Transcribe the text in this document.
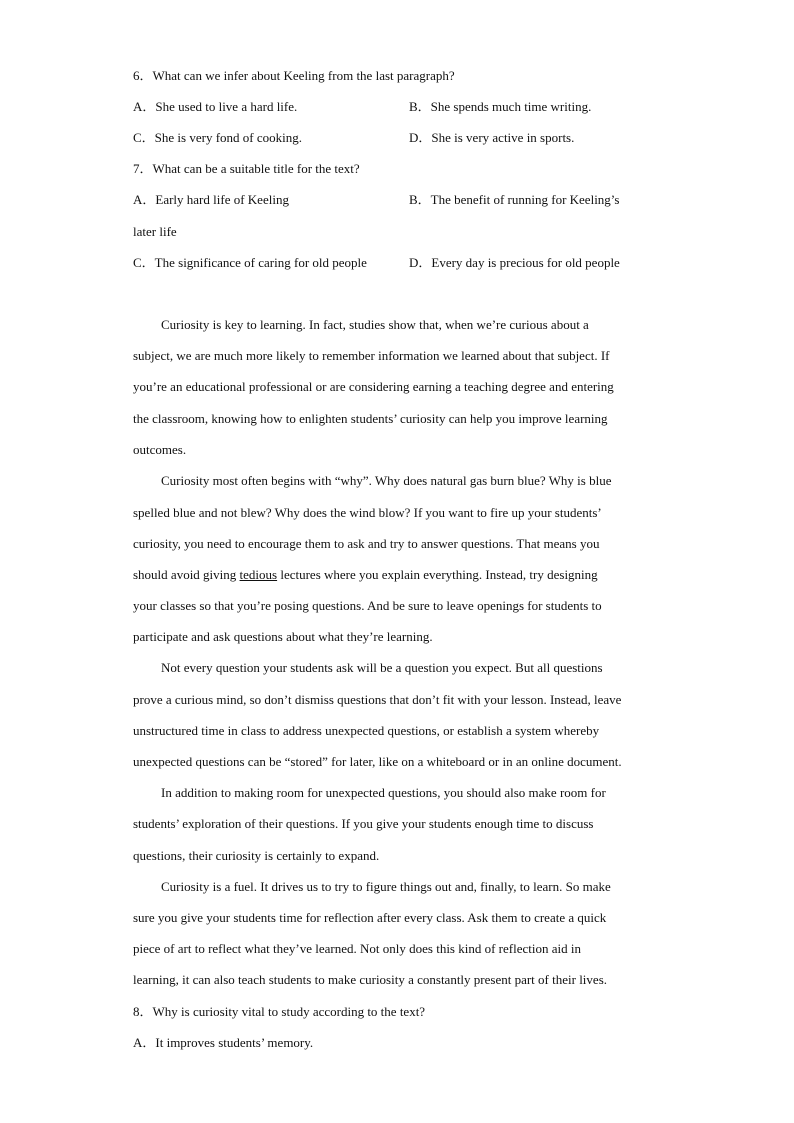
6．What can we infer about Keeling from the last paragraph?
A．She used to live a hard life.	B．She spends much time writing.
C．She is very fond of cooking.	D．She is very active in sports.
7．What can be a suitable title for the text?
A．Early hard life of Keeling	B．The benefit of running for Keeling’s
later life
C．The significance of caring for old people	D．Every day is precious for old people
Curiosity is key to learning. In fact, studies show that, when we’re curious about a
subject, we are much more likely to remember information we learned about that subject. If
you’re an educational professional or are considering earning a teaching degree and entering
the classroom, knowing how to enlighten students’ curiosity can help you improve learning
outcomes.
Curiosity most often begins with “why”. Why does natural gas burn blue? Why is blue
spelled blue and not blew? Why does the wind blow? If you want to fire up your students’
curiosity, you need to encourage them to ask and try to answer questions. That means you
should avoid giving tedious lectures where you explain everything. Instead, try designing
your classes so that you’re posing questions. And be sure to leave openings for students to
participate and ask questions about what they’re learning.
Not every question your students ask will be a question you expect. But all questions
prove a curious mind, so don’t dismiss questions that don’t fit with your lesson. Instead, leave
unstructured time in class to address unexpected questions, or establish a system whereby
unexpected questions can be “stored” for later, like on a whiteboard or in an online document.
In addition to making room for unexpected questions, you should also make room for
students’ exploration of their questions. If you give your students enough time to discuss
questions, their curiosity is certainly to expand.
Curiosity is a fuel. It drives us to try to figure things out and, finally, to learn. So make
sure you give your students time for reflection after every class. Ask them to create a quick
piece of art to reflect what they’ve learned. Not only does this kind of reflection aid in
learning, it can also teach students to make curiosity a constantly present part of their lives.
8．Why is curiosity vital to study according to the text?
A．It improves students’ memory.
